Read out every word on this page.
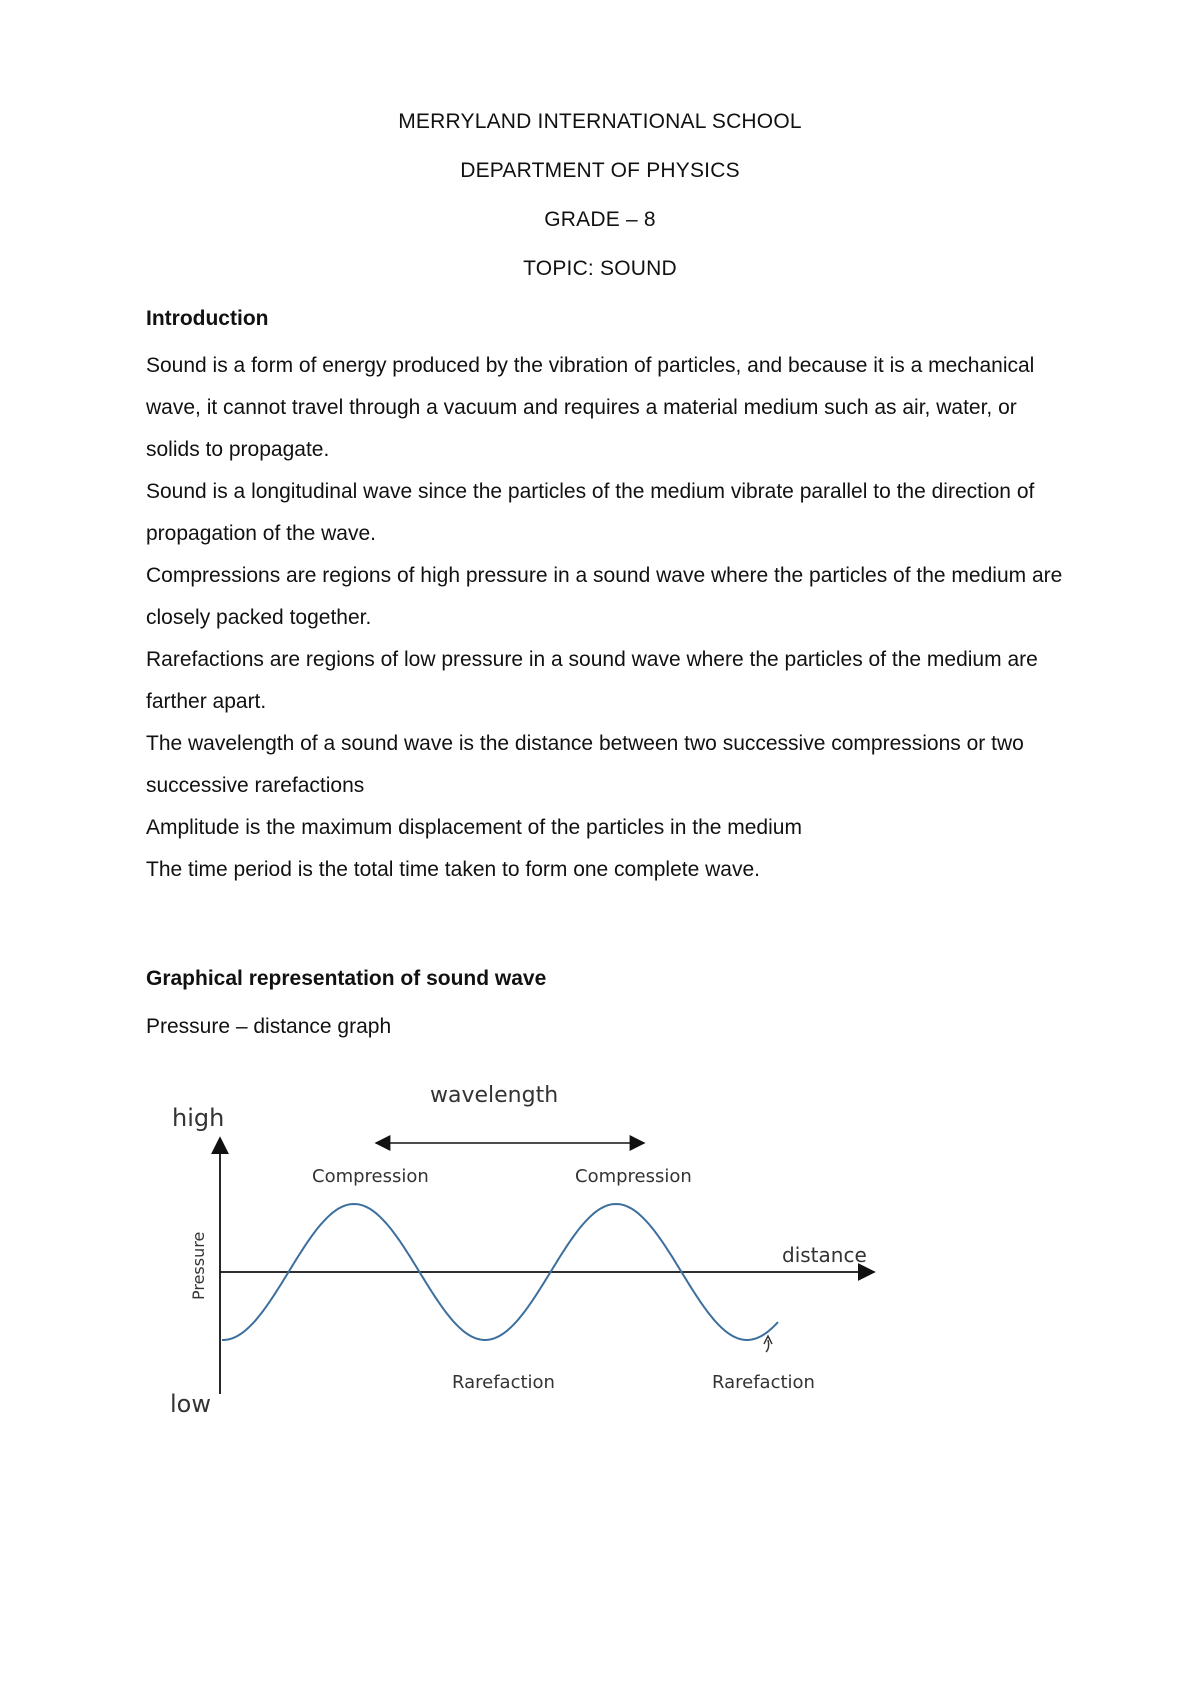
MERRYLAND INTERNATIONAL SCHOOL
DEPARTMENT OF PHYSICS
GRADE – 8
TOPIC: SOUND
Introduction

Sound is a form of energy produced by the vibration of particles, and because it is a mechanical wave, it cannot travel through a vacuum and requires a material medium such as air, water, or solids to propagate.

Sound is a longitudinal wave since the particles of the medium vibrate parallel to the direction of propagation of the wave.

Compressions are regions of high pressure in a sound wave where the particles of the medium are closely packed together.

Rarefactions are regions of low pressure in a sound wave where the particles of the medium are farther apart.

The wavelength of a sound wave is the distance between two successive compressions or two successive rarefactions

Amplitude is the maximum displacement of the particles in the medium

The time period is the total time taken to form one complete wave.

Graphical representation of sound wave
Pressure – distance graph
high
low
wavelength
Compression	Compression
Rarefaction	Rarefaction
distance
Pressure
